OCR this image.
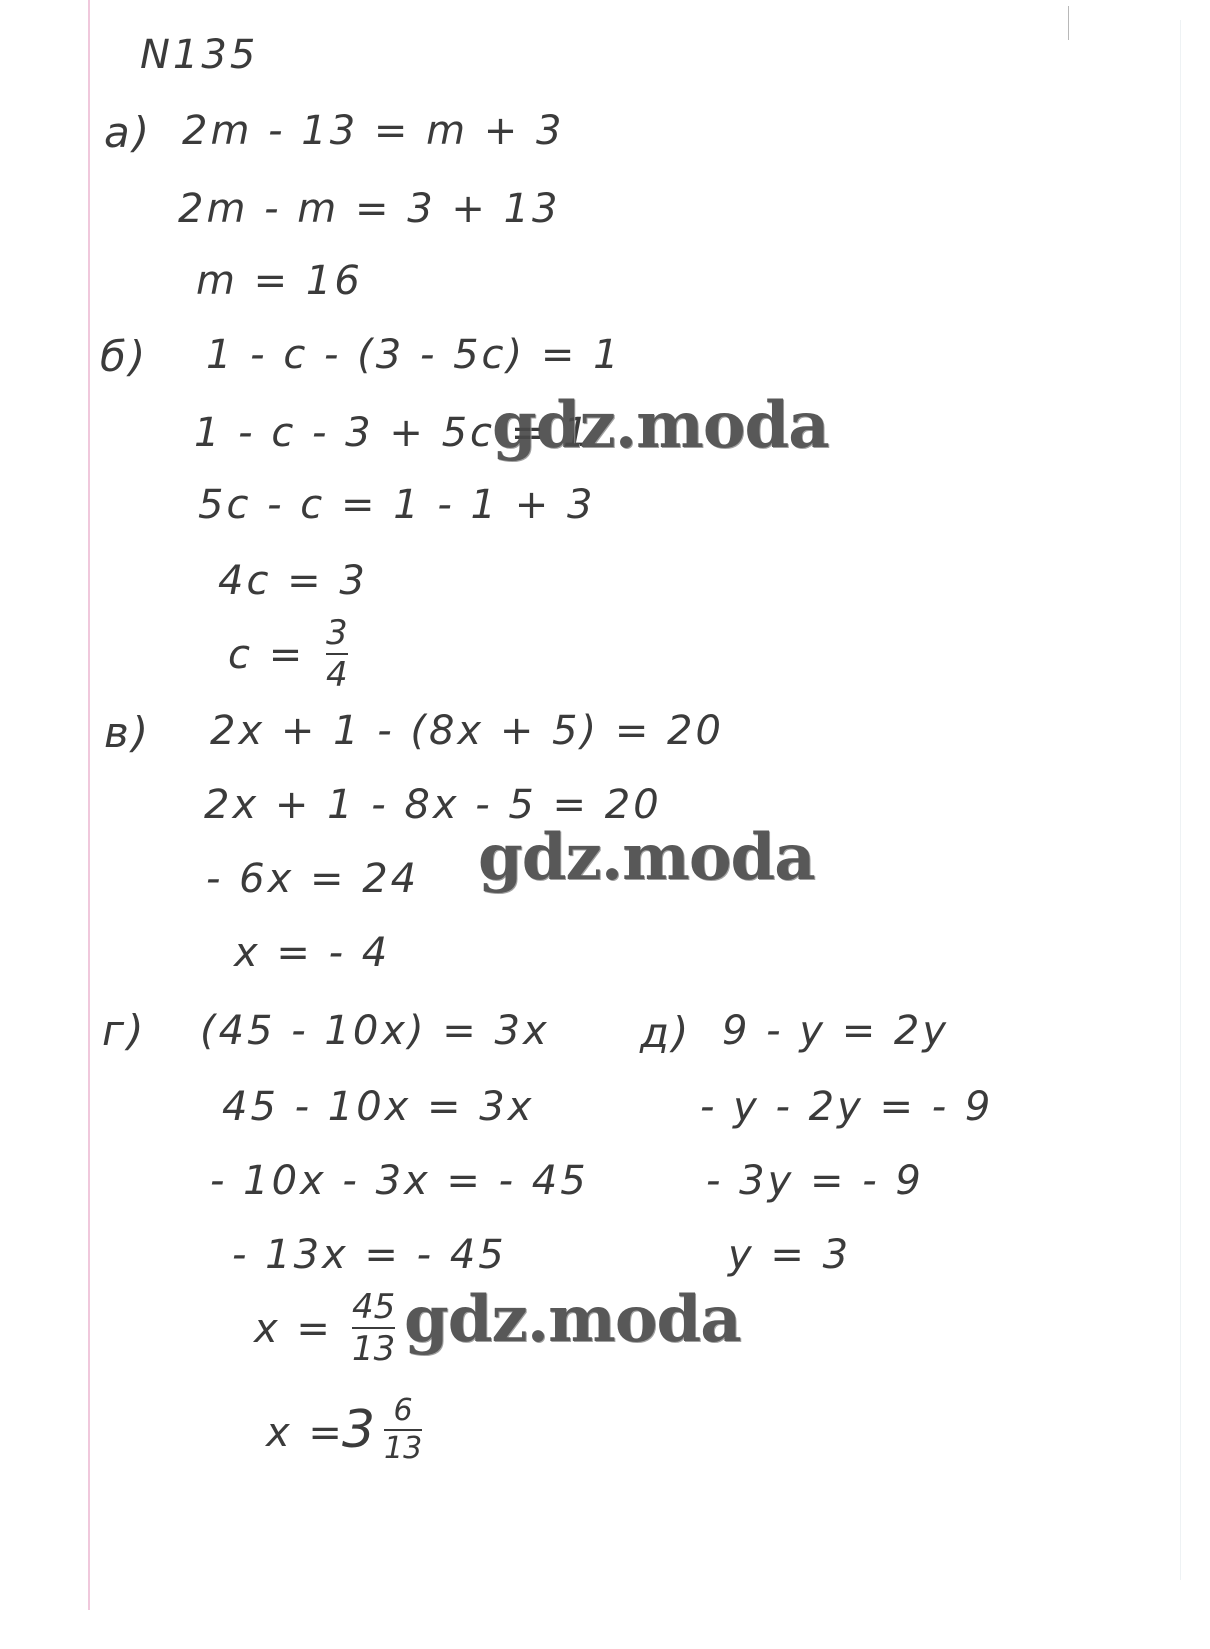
N135
а) 2m - 13 = m + 3
2m - m = 3 + 13
m = 16
б) 1 - c - (3 - 5c) = 1
1 - c - 3 + 5c = 1
5c - c = 1 - 1 + 3
4c = 3
c = 3
4
в) 2x + 1 - (8x + 5) = 20
2x + 1 - 8x - 5 = 20
- 6x = 24
x = - 4
г) (45 - 10x) = 3x
45 - 10x = 3x
- 10x - 3x = - 45
- 13x = - 45
x = 45
13
x =
3 6
13
д) 9 - y = 2y
- y - 2y = - 9
- 3y = - 9
y = 3
gdz.moda
gdz.moda
gdz.moda
